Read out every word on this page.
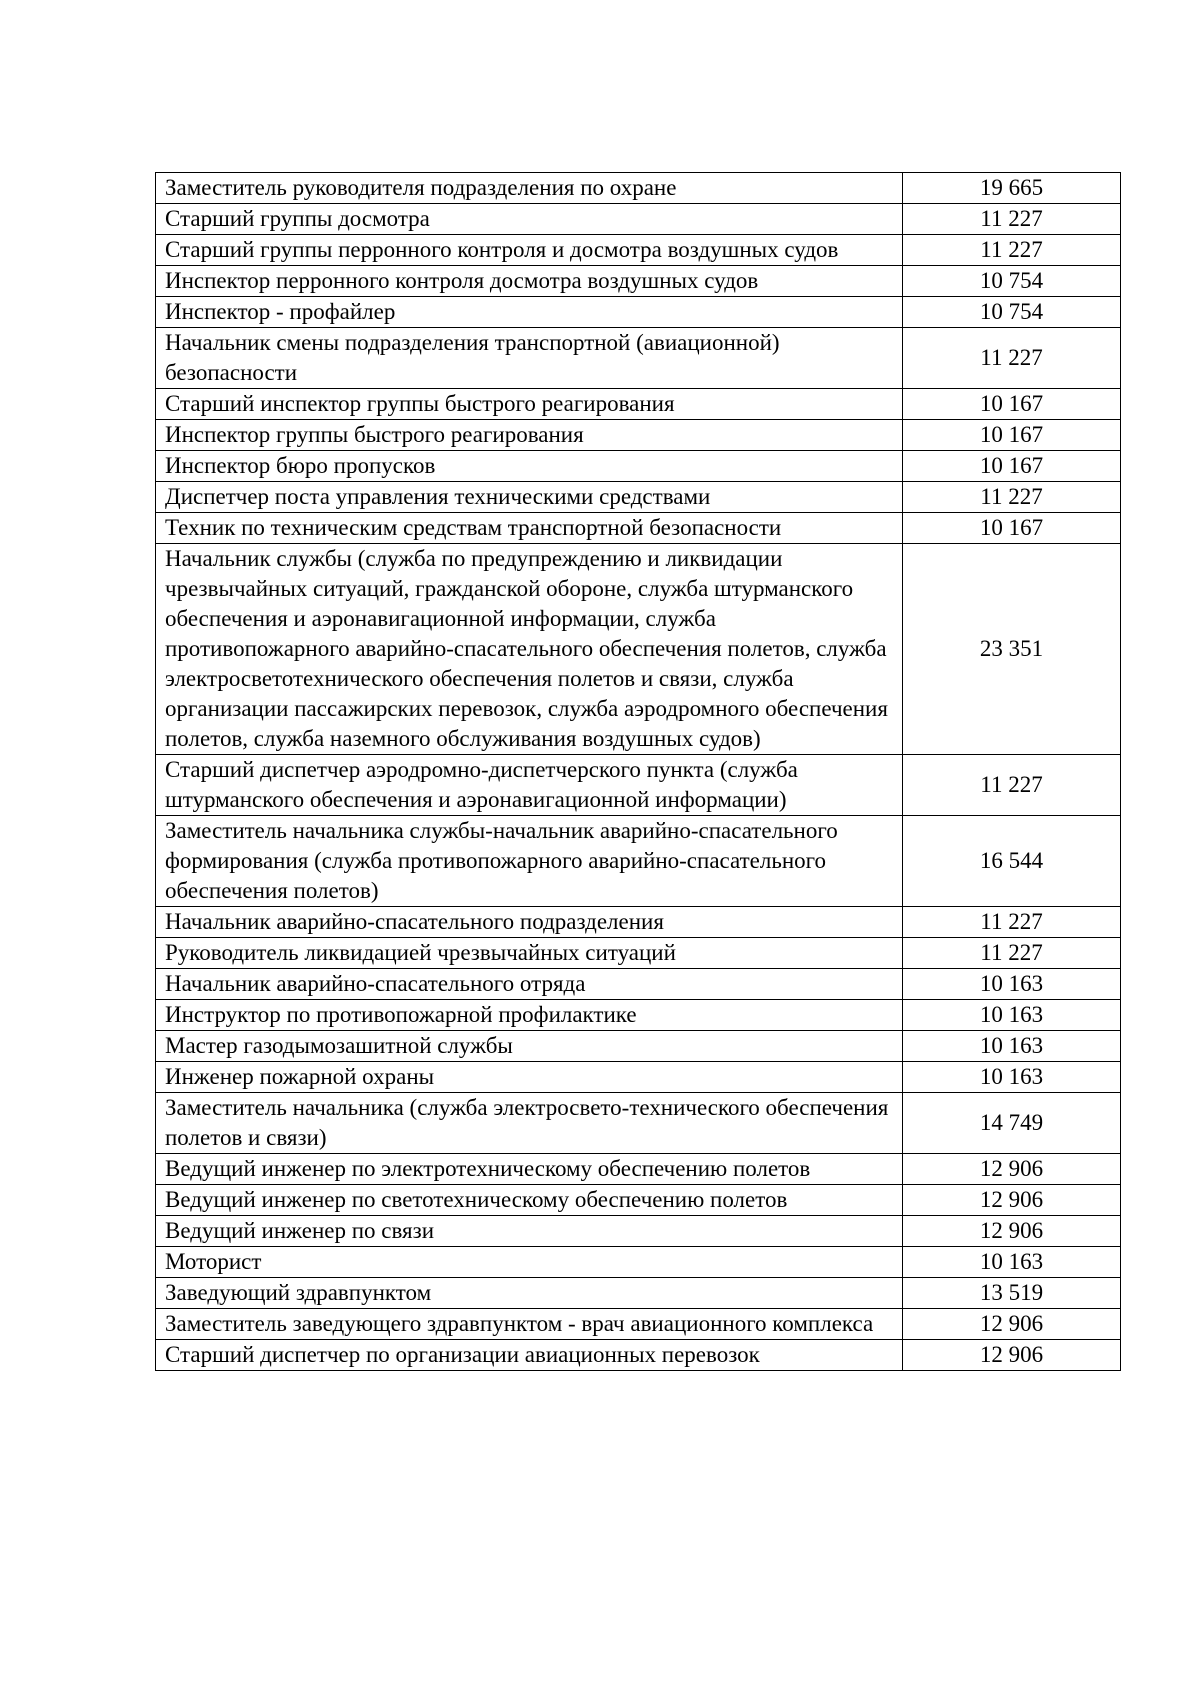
Заместитель руководителя подразделения по охране	19 665
Старший группы досмотра	11 227
Старший группы перронного контроля и досмотра воздушных судов	11 227
Инспектор перронного контроля досмотра воздушных судов	10 754
Инспектор - профайлер	10 754
Начальник смены подразделения транспортной (авиационной) безопасности	11 227
Старший инспектор группы быстрого реагирования	10 167
Инспектор группы быстрого реагирования	10 167
Инспектор бюро пропусков	10 167
Диспетчер поста управления техническими средствами	11 227
Техник по техническим средствам транспортной безопасности	10 167
Начальник службы (служба по предупреждению и ликвидации чрезвычайных ситуаций, гражданской обороне, служба штурманского обеспечения и аэронавигационной информации, служба противопожарного аварийно-спасательного обеспечения полетов, служба электросветотехнического обеспечения полетов и связи, служба организации пассажирских перевозок, служба аэродромного обеспечения полетов, служба наземного обслуживания воздушных судов)	23 351
Старший диспетчер аэродромно-диспетчерского пункта (служба штурманского обеспечения и аэронавигационной информации)	11 227
Заместитель начальника службы-начальник аварийно-спасательного формирования (служба противопожарного аварийно-спасательного обеспечения полетов)	16 544
Начальник аварийно-спасательного подразделения	11 227
Руководитель ликвидацией чрезвычайных ситуаций	11 227
Начальник аварийно-спасательного отряда	10 163
Инструктор по противопожарной профилактике	10 163
Мастер газодымозашитной службы	10 163
Инженер пожарной охраны	10 163
Заместитель начальника (служба электросвето-технического обеспечения полетов и связи)	14 749
Ведущий инженер по электротехническому обеспечению полетов	12 906
Ведущий инженер по светотехническому обеспечению полетов	12 906
Ведущий инженер по связи	12 906
Моторист	10 163
Заведующий здравпунктом	13 519
Заместитель заведующего здравпунктом - врач авиационного комплекса	12 906
Старший диспетчер по организации авиационных перевозок	12 906
